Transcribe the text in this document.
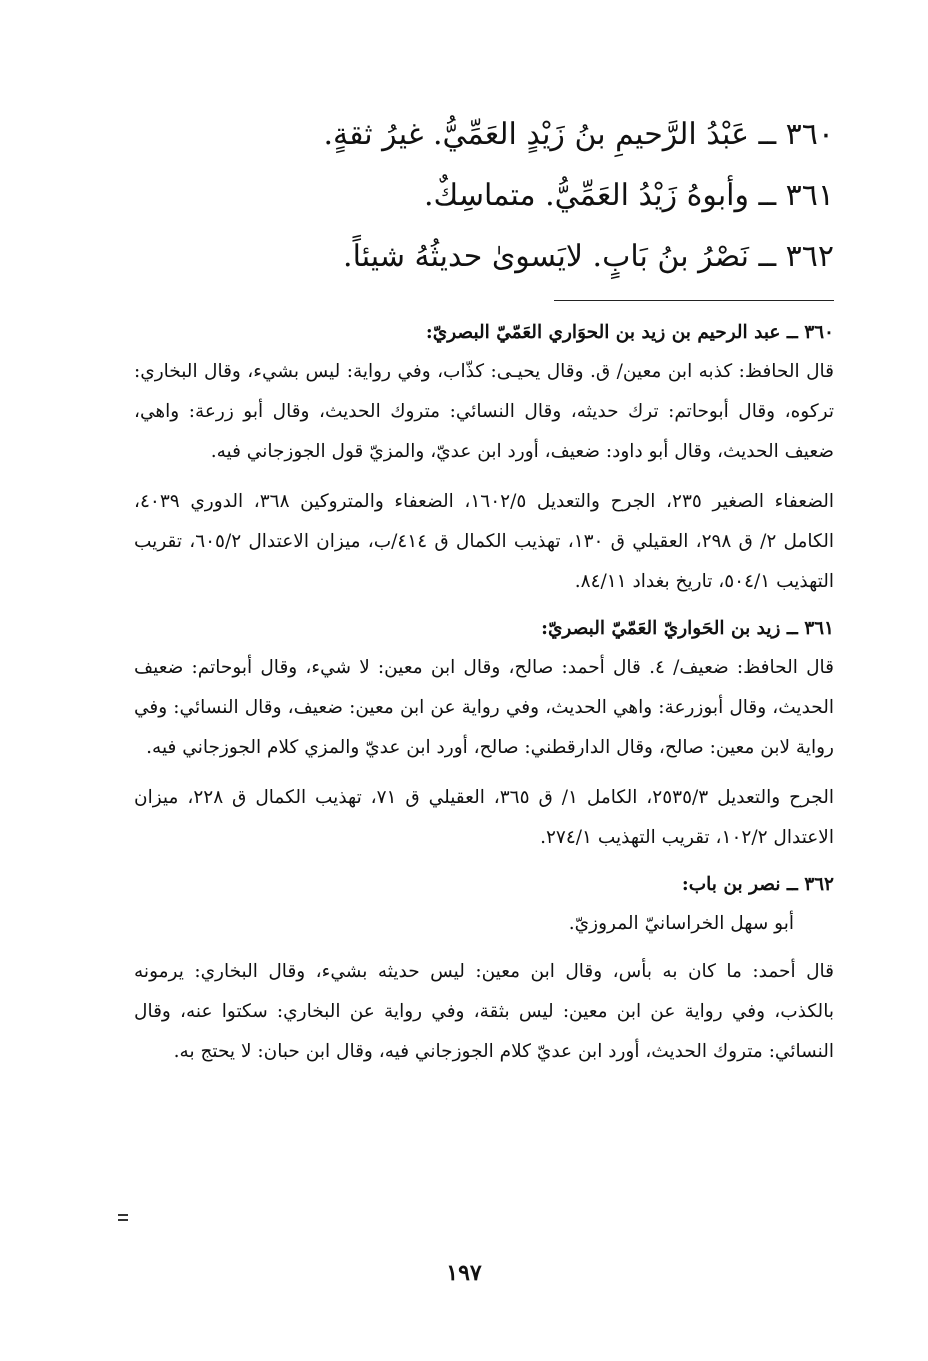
٣٦٠ ــ عَبْدُ الرَّحيمِ بنُ زَيْدٍ العَمِّيُّ. غيرُ ثقةٍ.
٣٦١ ــ وأبوهُ زَيْدُ العَمِّيُّ. متماسِكٌ.
٣٦٢ ــ نَصْرُ بنُ بَابٍ. لايَسوىٰ حديثُهُ شيئاً.
٣٦٠ ــ عبد الرحيم بن زيد بن الحوَاري العَمّيّ البصريّ:
قال الحافظ: كذبه ابن معين/ ق. وقال يحيـى: كذّاب، وفي رواية: ليس بشيء، وقال البخاري: تركوه، وقال أبوحاتم: ترك حديثه، وقال النسائي: متروك الحديث، وقال أبو زرعة: واهي، ضعيف الحديث، وقال أبو داود: ضعيف، أورد ابن عديّ، والمزيّ قول الجوزجاني فيه.
الضعفاء الصغير ٢٣٥، الجرح والتعديل ١٦٠٢/٥، الضعفاء والمتروكين ٣٦٨، الدوري ٤٠٣٩، الكامل ٢/ ق ٢٩٨، العقيلي ق ١٣٠، تهذيب الكمال ق ٤١٤/ب، ميزان الاعتدال ٦٠٥/٢، تقريب التهذيب ٥٠٤/١، تاريخ بغداد ٨٤/١١.
٣٦١ ــ زيد بن الحَواريّ العَمّيّ البصريّ:
قال الحافظ: ضعيف/ ٤. قال أحمد: صالح، وقال ابن معين: لا شيء، وقال أبوحاتم: ضعيف الحديث، وقال أبوزرعة: واهي الحديث، وفي رواية عن ابن معين: ضعيف، وقال النسائي: وفي رواية لابن معين: صالح، وقال الدارقطني: صالح، أورد ابن عديّ والمزي كلام الجوزجاني فيه.
الجرح والتعديل ٢٥٣٥/٣، الكامل ١/ ق ٣٦٥، العقيلي ق ٧١، تهذيب الكمال ق ٢٢٨، ميزان الاعتدال ١٠٢/٢، تقريب التهذيب ٢٧٤/١.
٣٦٢ ــ نصر بن باب:
أبو سهل الخراسانيّ المروزيّ.
قال أحمد: ما كان به بأس، وقال ابن معين: ليس حديثه بشيء، وقال البخاري: يرمونه بالكذب، وفي رواية عن ابن معين: ليس بثقة، وفي رواية عن البخاري: سكتوا عنه، وقال النسائي: متروك الحديث، أورد ابن عديّ كلام الجوزجاني فيه، وقال ابن حبان: لا يحتج به.
١٩٧
